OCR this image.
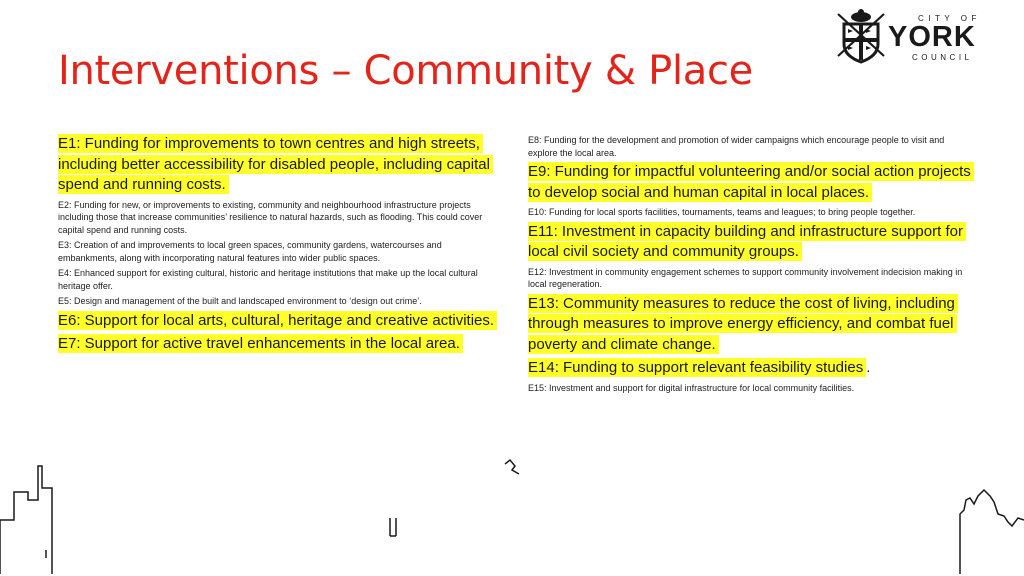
Interventions – Community & Place
CITY OF
YORK
COUNCIL

E1: Funding for improvements to town centres and high streets, including better accessibility for disabled people, including capital spend and running costs.

E2: Funding for new, or improvements to existing, community and neighbourhood infrastructure projects including those that increase communities’ resilience to natural hazards, such as flooding. This could cover capital spend and running costs.

E3: Creation of and improvements to local green spaces, community gardens, watercourses and embankments, along with incorporating natural features into wider public spaces.

E4: Enhanced support for existing cultural, historic and heritage institutions that make up the local cultural heritage offer.

E5: Design and management of the built and landscaped environment to ‘design out crime’.

E6: Support for local arts, cultural, heritage and creative activities.

E7: Support for active travel enhancements in the local area.

E8: Funding for the development and promotion of wider campaigns which encourage people to visit and explore the local area.

E9: Funding for impactful volunteering and/or social action projects to develop social and human capital in local places.

E10: Funding for local sports facilities, tournaments, teams and leagues; to bring people together.

E11: Investment in capacity building and infrastructure support for local civil society and community groups.

E12: Investment in community engagement schemes to support community involvement indecision making in local regeneration.

E13: Community measures to reduce the cost of living, including through measures to improve energy efficiency, and combat fuel poverty and climate change.

E14: Funding to support relevant feasibility studies .

E15: Investment and support for digital infrastructure for local community facilities.
